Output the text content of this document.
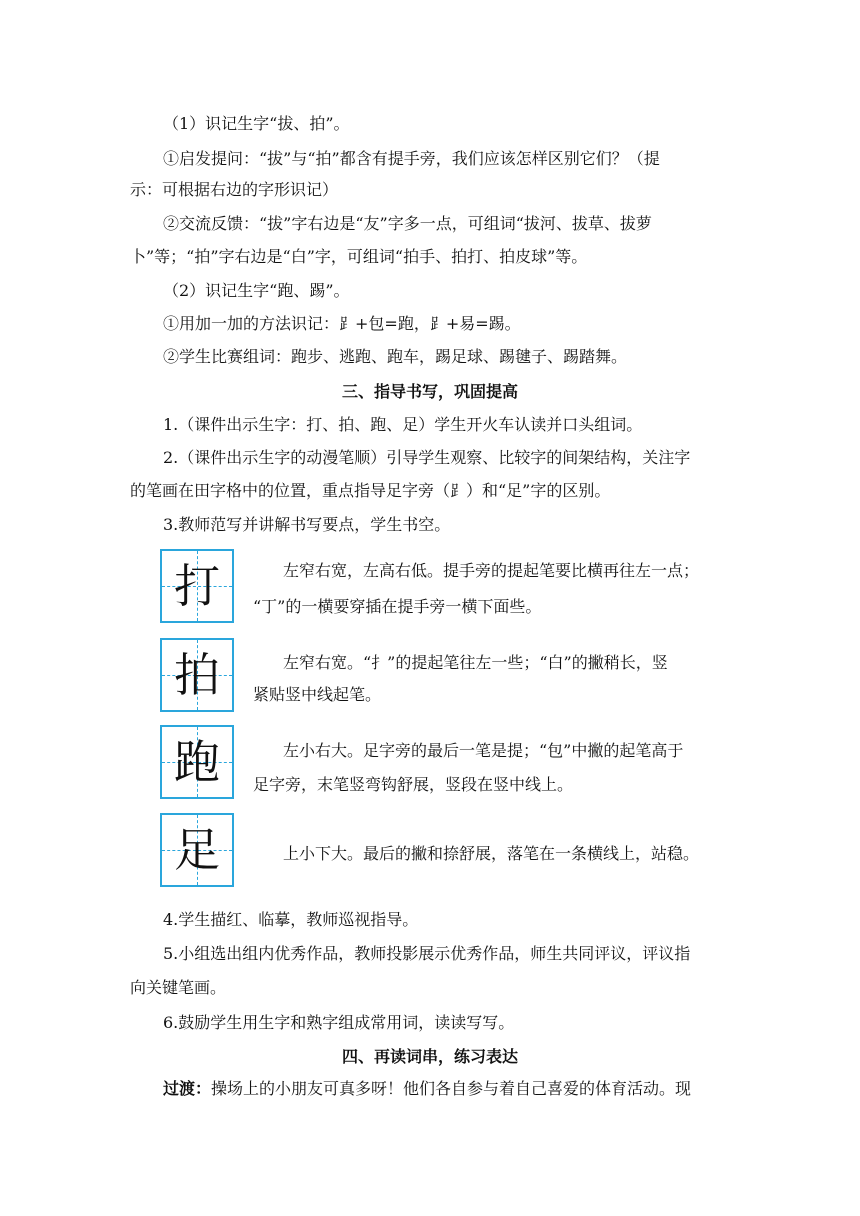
（1）识记生字“拔、拍”。
①启发提问：“拔”与“拍”都含有提手旁，我们应该怎样区别它们？（提
示：可根据右边的字形识记）
②交流反馈：“拔”字右边是“友”字多一点，可组词“拔河、拔草、拔萝
卜”等；“拍”字右边是“白”字，可组词“拍手、拍打、拍皮球”等。
（2）识记生字“跑、踢”。
①用加一加的方法识记：⻊+包=跑，⻊+易=踢。
②学生比赛组词：跑步、逃跑、跑车，踢足球、踢毽子、踢踏舞。
三、指导书写，巩固提高
1.（课件出示生字：打、拍、跑、足）学生开火车认读并口头组词。
2.（课件出示生字的动漫笔顺）引导学生观察、比较字的间架结构，关注字
的笔画在田字格中的位置，重点指导足字旁（⻊）和“足”字的区别。
3.教师范写并讲解书写要点，学生书空。
打	左窄右宽，左高右低。提手旁的提起笔要比横再往左一点；
“丁”的一横要穿插在提手旁一横下面些。
拍	左窄右宽。“扌”的提起笔往左一些；“白”的撇稍长，竖
紧贴竖中线起笔。
跑	左小右大。足字旁的最后一笔是提；“包”中撇的起笔高于
足字旁，末笔竖弯钩舒展，竖段在竖中线上。
足	上小下大。最后的撇和捺舒展，落笔在一条横线上，站稳。
4.学生描红、临摹，教师巡视指导。
5.小组选出组内优秀作品，教师投影展示优秀作品，师生共同评议，评议指
向关键笔画。
6.鼓励学生用生字和熟字组成常用词，读读写写。
四、再读词串，练习表达
过渡：操场上的小朋友可真多呀！他们各自参与着自己喜爱的体育活动。现
